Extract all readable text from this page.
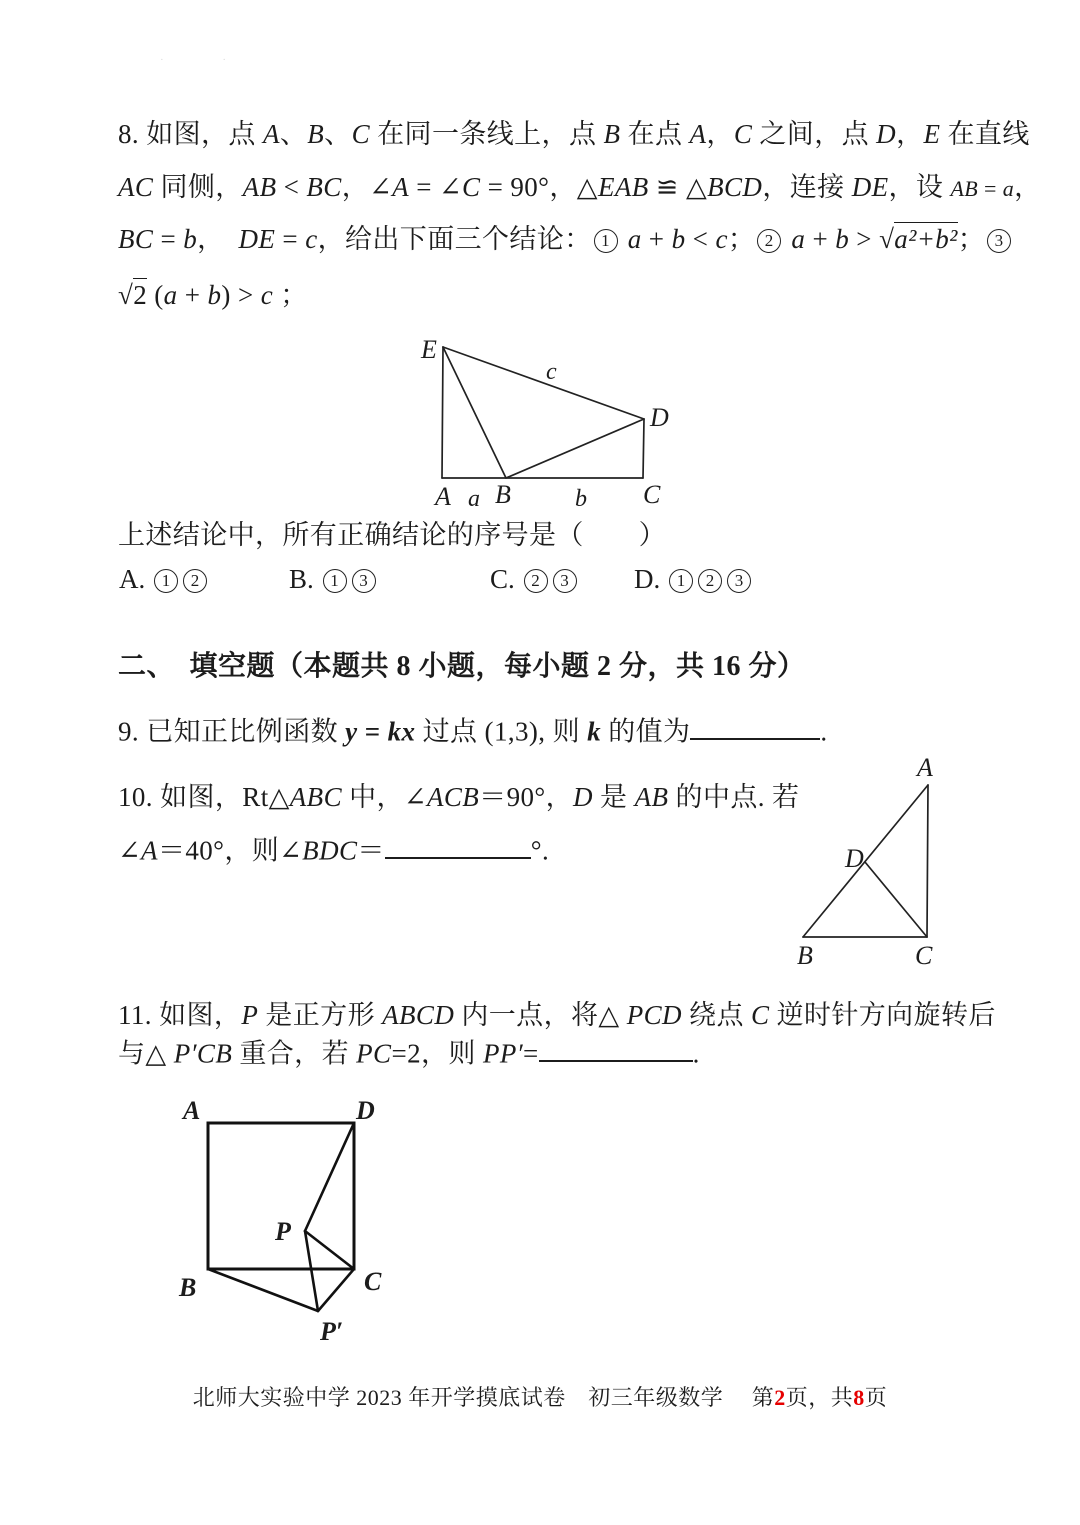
· ·

8. 如图，点 A、B、C 在同一条线上，点 B 在点 A，C 之间，点 D，E 在直线

AC 同侧，AB < BC，∠A = ∠C = 90°，△EAB ≌ △BCD，连接 DE，设 AB = a，

BC = b，　DE = c，给出下面三个结论： 1 a + b < c； 2 a + b > √a²+b²； 3

√2 (a + b) > c ；

E
c
D
A a B	b C

上述结论中，所有正确结论的序号是（　　）

A. 1 2	B. 1 3	C. 2 3	D. 1 2 3

二、　填空题（本题共 8 小题，每小题 2 分，共 16 分）

9. 已知正比例函数 y = kx 过点 (1,3), 则 k 的值为	.

10. 如图，Rt△ABC 中，∠ACB＝90°，D 是 AB 的中点. 若

∠A＝40°，则∠BDC＝	°.

A
D
B	C

11. 如图，P 是正方形 ABCD 内一点，将△ PCD 绕点 C 逆时针方向旋转后

与△ P′CB 重合，若 PC=2，则 PP′=	.

A	D
B	C
P
P′
北师大实验中学 2023 年开学摸底试卷　初三年级数学　 第2页，共8页
